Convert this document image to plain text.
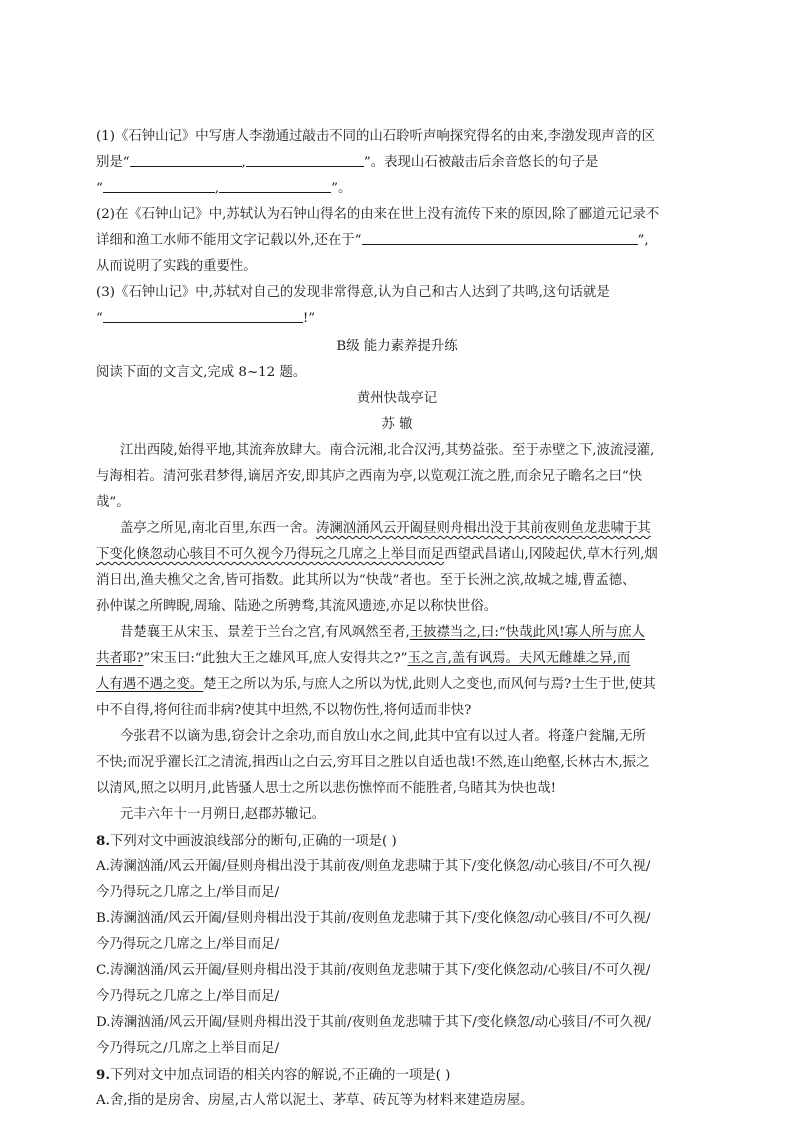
(1)《石钟山记》中写唐人李渤通过敲击不同的山石聆听声响探究得名的由来,李渤发现声音的区
别是“	,	”。表现山石被敲击后余音悠长的句子是
“	,	”。
(2)在《石钟山记》中,苏轼认为石钟山得名的由来在世上没有流传下来的原因,除了郦道元记录不
详细和渔工水师不能用文字记载以外,还在于“	”,
从而说明了实践的重要性。
(3)《石钟山记》中,苏轼对自己的发现非常得意,认为自己和古人达到了共鸣,这句话就是
“	!”
B级 能力素养提升练
阅读下面的文言文,完成 8~12 题。
黄州快哉亭记
苏 辙
江出西陵,始得平地,其流奔放肆大。南合沅湘,北合汉沔,其势益张。至于赤壁之下,波流浸灌,
与海相若。清河张君梦得,谪居齐安,即其庐之西南为亭,以览观江流之胜,而余兄子瞻名之曰“快
哉”。
盖亭之所见,南北百里,东西一舍。涛澜汹涌风云开阖昼则舟楫出没于其前夜则鱼龙悲啸于其
下变化倏忽动心骇目不可久视今乃得玩之几席之上举目而足西望武昌诸山,冈陵起伏,草木行列,烟
消日出,渔夫樵父之舍,皆可指数。此其所以为“快哉”者也。至于长洲之滨,故城之墟,曹孟德、
孙仲谋之所睥睨,周瑜、陆逊之所骋骛,其流风遗迹,亦足以称快世俗。
昔楚襄王从宋玉、景差于兰台之宫,有风飒然至者,王披襟当之,曰:“快哉此风!寡人所与庶人
共者耶?”宋玉曰:“此独大王之雄风耳,庶人安得共之?”玉之言,盖有讽焉。夫风无雌雄之异,而
人有遇不遇之变。楚王之所以为乐,与庶人之所以为忧,此则人之变也,而风何与焉?士生于世,使其
中不自得,将何往而非病?使其中坦然,不以物伤性,将何适而非快?
今张君不以谪为患,窃会计之余功,而自放山水之间,此其中宜有以过人者。将蓬户瓮牖,无所
不快;而况乎濯长江之清流,揖西山之白云,穷耳目之胜以自适也哉!不然,连山绝壑,长林古木,振之
以清风,照之以明月,此皆骚人思士之所以悲伤憔悴而不能胜者,乌睹其为快也哉!
元丰六年十一月朔日,赵郡苏辙记。
8.下列对文中画波浪线部分的断句,正确的一项是( )
A.涛澜汹涌/风云开阖/昼则舟楫出没于其前夜/则鱼龙悲啸于其下/变化倏忽/动心骇目/不可久视/
今乃得玩之几席之上/举目而足/
B.涛澜汹涌/风云开阖/昼则舟楫出没于其前/夜则鱼龙悲啸于其下/变化倏忽/动心骇目/不可久视/
今乃得玩之几席之上/举目而足/
C.涛澜汹涌/风云开阖/昼则舟楫出没于其前/夜则鱼龙悲啸于其下/变化倏忽动/心骇目/不可久视/
今乃得玩之几席之上/举目而足/
D.涛澜汹涌/风云开阖/昼则舟楫出没于其前/夜则鱼龙悲啸于其下/变化倏忽/动心骇目/不可久视/
今乃得玩之/几席之上举目而足/
9.下列对文中加点词语的相关内容的解说,不正确的一项是( )
A.舍,指的是房舍、房屋,古人常以泥土、茅草、砖瓦等为材料来建造房屋。
